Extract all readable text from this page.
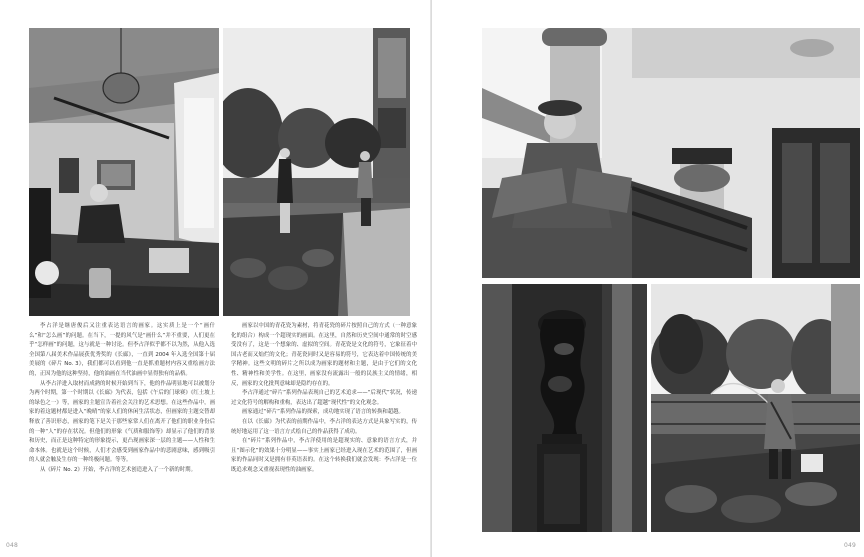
李占洋是继唐俊后又注重表达语言的画家。这实质上是一个“画什么”和“怎么画”的问题。在当下，一提的风气是“画什么”并不重要，人们更在乎“怎样画”的问题，这与就是一种讨论。但李占洋似乎都不以为然，从他入选全国第八届美术作品展获优秀奖的《长廊》，一直到 2004 年入选全国第十届美展的《碎片 No. 3》，我们都可以看到他一直是抓重题材内容又重绘画方法的，正因为他的这种坚持，他的油画在当代油画中显得独有的品格。

从李占洋进入取材而成熟的时候开始到当下，他的作品明显地可以被划分为两个时期，第一个时期以《长廊》为代表，包括《午后的门球赛》《红土坡上的绿色之一》等，画家的主题宣告着社会关注的艺术思想。在这些作品中，画家的着这题材都是进入“晚晴”的家人们的休闲生活状态，但画家的主题交替却释放了善识形态，画家的笔下是关于那些家常人们在离开了他们的职业身份后的一种“人”的存在状况。但他们的形象《气质和服饰等》却显示了他们的背景和历史，而正是这种特定的形象提示，更凸现画家深一层的主题——人性和生命本体。也就是这个时候，人们才会感受到画家作品中的悲剧意味，感到吸引的人就会触及生存的一种终极问题。等等。

从《碎片 No. 2》开始，李占洋的艺术创造进入了一个新的时期。

画家以中国的青花瓷为素材，将青花瓷的碎片按照自己的方式（一种意象化的组合）构成一个超现实的画面。在这里，自然和历史空间中通常的时空感受没有了，这是一个想象的、虚拟的空间。青花瓷是文化的符号，它象征着中国古老而又灿烂的文化；青花瓷同时又是容易的符号，它表达着中国传统的美学精神。这些文明的碎片之所以成为画家的题材和主题，是由于它们的文化性、精神性和美学性。在这里，画家没有流露出一般的民族主义的情绪，相反，画家的文化批判意味却是隐约存在的。

李占洋通过“碎片”系列作品表现自己的艺术追求——“后现代”状况，传递过文化符号的解构和重构，表达出了超越“现代性”的文化观念。

画家通过“碎片”系列作品的探索，成功地实现了语言的转换和超越。

在以《长廊》为代表的前期作品中，李占洋的表达方式是具象写实的，传统好地运用了这一语言方式绘自己的作品获得了成功。

在“碎片”系列作品中，李占洋使用的是超现实的、意象的语言方式，并且“图示化”的效果十分明显——事实上画家已经进入现在艺术的范围了，但画家的作品同时又是拥有非英语表的。在这个转换我们就会发现：李占洋是一位既追求观念又重视表现性的油画家。

048	049
